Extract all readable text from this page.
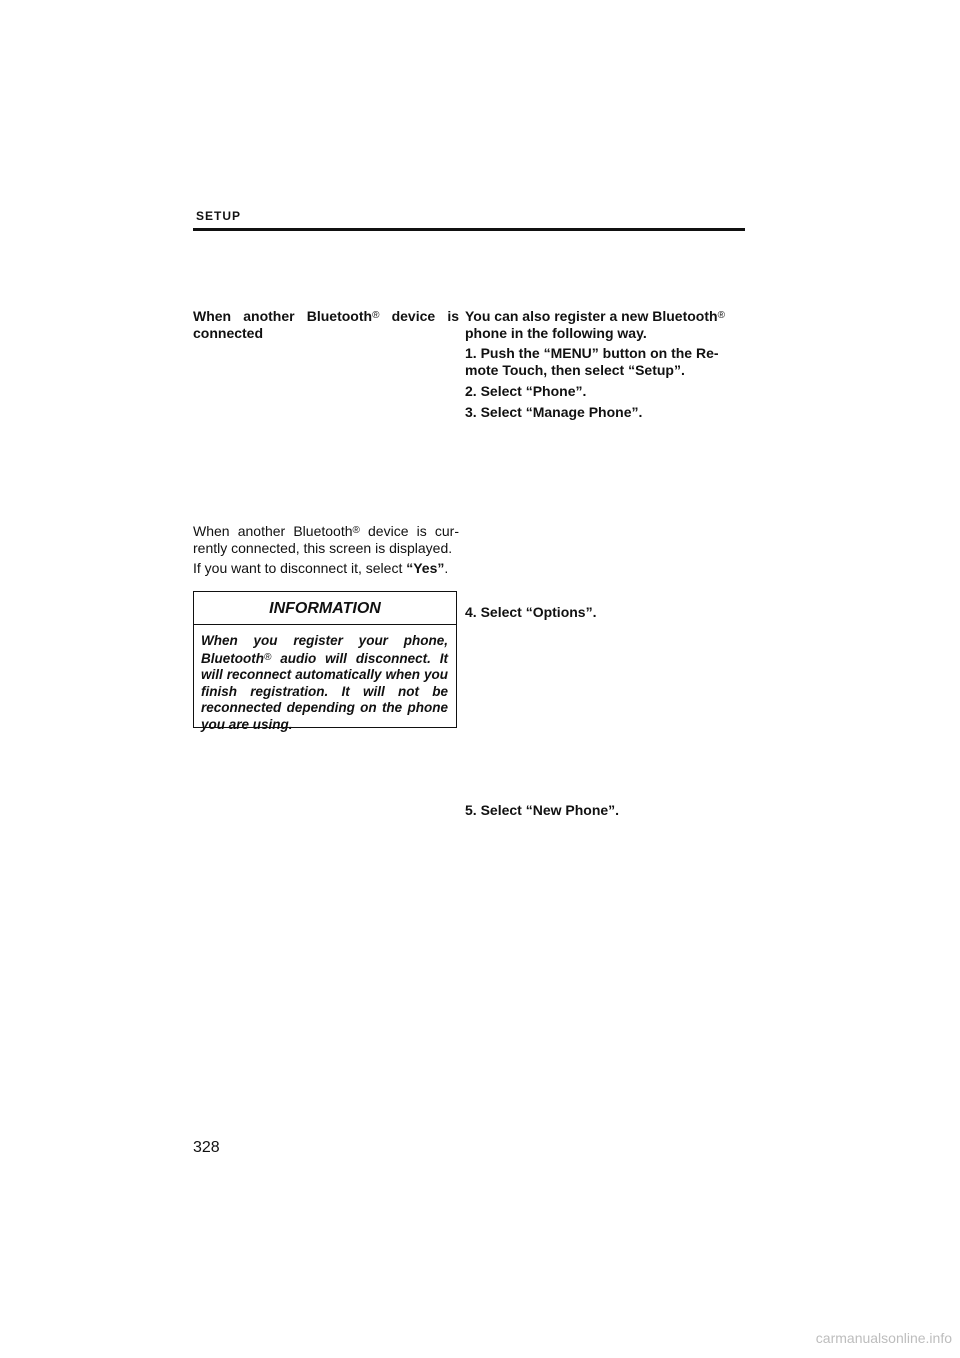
SETUP
When another Bluetooth® device is connected
When another Bluetooth® device is cur-rently connected, this screen is displayed.
If you want to disconnect it, select “Yes”.
INFORMATION
When you register your phone, Bluetooth® audio will disconnect. It will reconnect automatically when you finish registration. It will not be reconnected depending on the phone you are using.
You can also register a new Bluetooth® phone in the following way.
1. Push the “MENU” button on the Re-mote Touch, then select “Setup”.
2. Select “Phone”.
3. Select “Manage Phone”.
4. Select “Options”.
5. Select “New Phone”.
328
carmanualsonline.info
